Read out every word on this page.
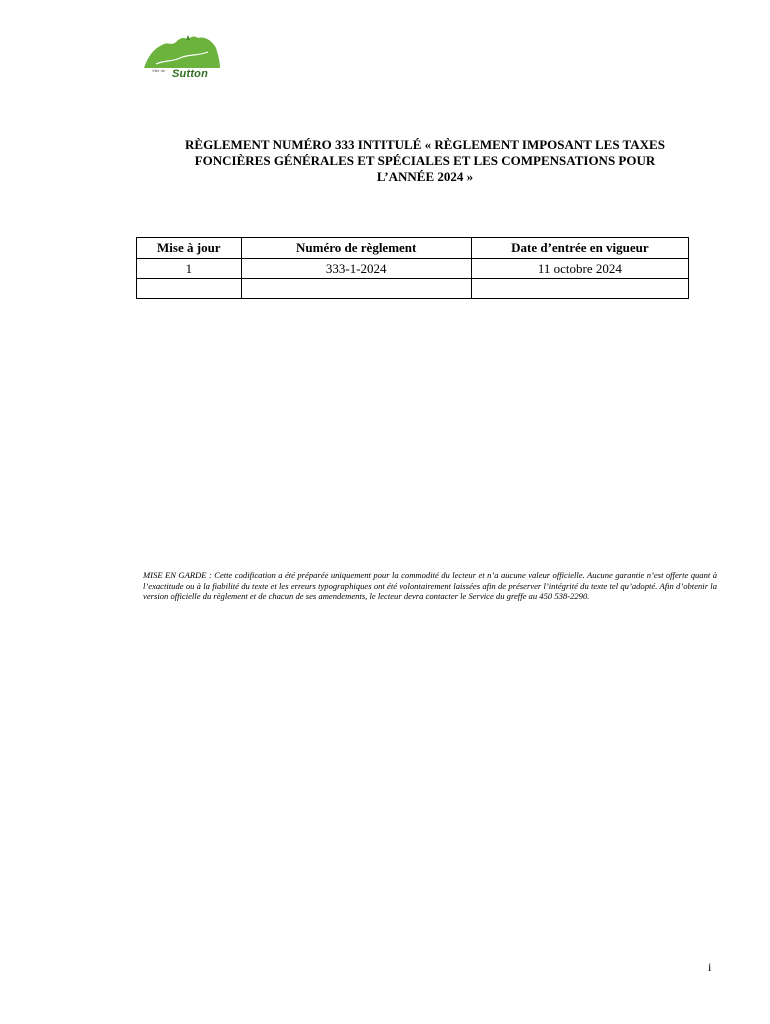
Ville de Sutton
RÈGLEMENT NUMÉRO 333 INTITULÉ « RÈGLEMENT IMPOSANT LES TAXES
FONCIÈRES GÉNÉRALES ET SPÉCIALES ET LES COMPENSATIONS POUR
L’ANNÉE 2024 »
Mise à jour	Numéro de règlement	Date d’entrée en vigueur
1	333-1-2024	11 octobre 2024

MISE EN GARDE : Cette codification a été préparée uniquement pour la commodité du lecteur et n’a aucune valeur officielle. Aucune garantie n’est offerte quant à l’exactitude ou à la fiabilité du texte et les erreurs typographiques ont été volontairement laissées afin de préserver l’intégrité du texte tel qu’adopté. Afin d’obtenir la version officielle du règlement et de chacun de ses amendements, le lecteur devra contacter le Service du greffe au 450 538-2290.
i
